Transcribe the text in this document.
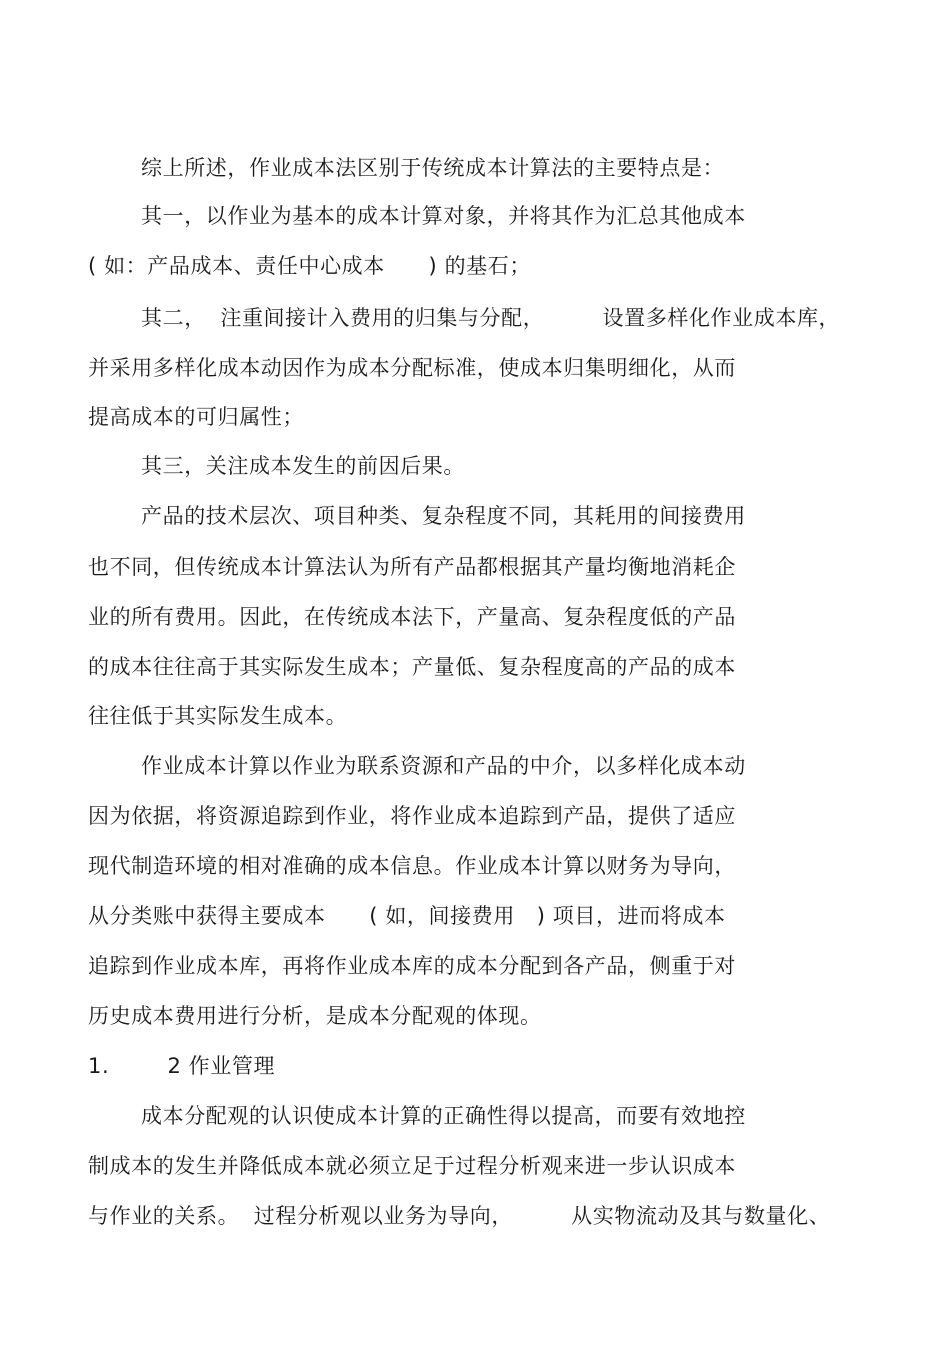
综上所述，作业成本法区别于传统成本计算法的主要特点是：
其一，以作业为基本的成本计算对象，并将其作为汇总其他成本
( 如：产品成本、责任中心成本      ) 的基石；
其二，  注重间接计入费用的归集与分配，        设置多样化作业成本库，
并采用多样化成本动因作为成本分配标准，使成本归集明细化，从而
提高成本的可归属性；
其三，关注成本发生的前因后果。
产品的技术层次、项目种类、复杂程度不同，其耗用的间接费用
也不同，但传统成本计算法认为所有产品都根据其产量均衡地消耗企
业的所有费用。因此，在传统成本法下，产量高、复杂程度低的产品
的成本往往高于其实际发生成本；产量低、复杂程度高的产品的成本
往往低于其实际发生成本。
作业成本计算以作业为联系资源和产品的中介，以多样化成本动
因为依据，将资源追踪到作业，将作业成本追踪到产品，提供了适应
现代制造环境的相对准确的成本信息。作业成本计算以财务为导向，
从分类账中获得主要成本      ( 如，间接费用   ) 项目，进而将成本
追踪到作业成本库，再将作业成本库的成本分配到各产品，侧重于对
历史成本费用进行分析，是成本分配观的体现。
1.        2 作业管理
成本分配观的认识使成本计算的正确性得以提高，而要有效地控
制成本的发生并降低成本就必须立足于过程分析观来进一步认识成本
与作业的关系。  过程分析观以业务为导向，        从实物流动及其与数量化、
